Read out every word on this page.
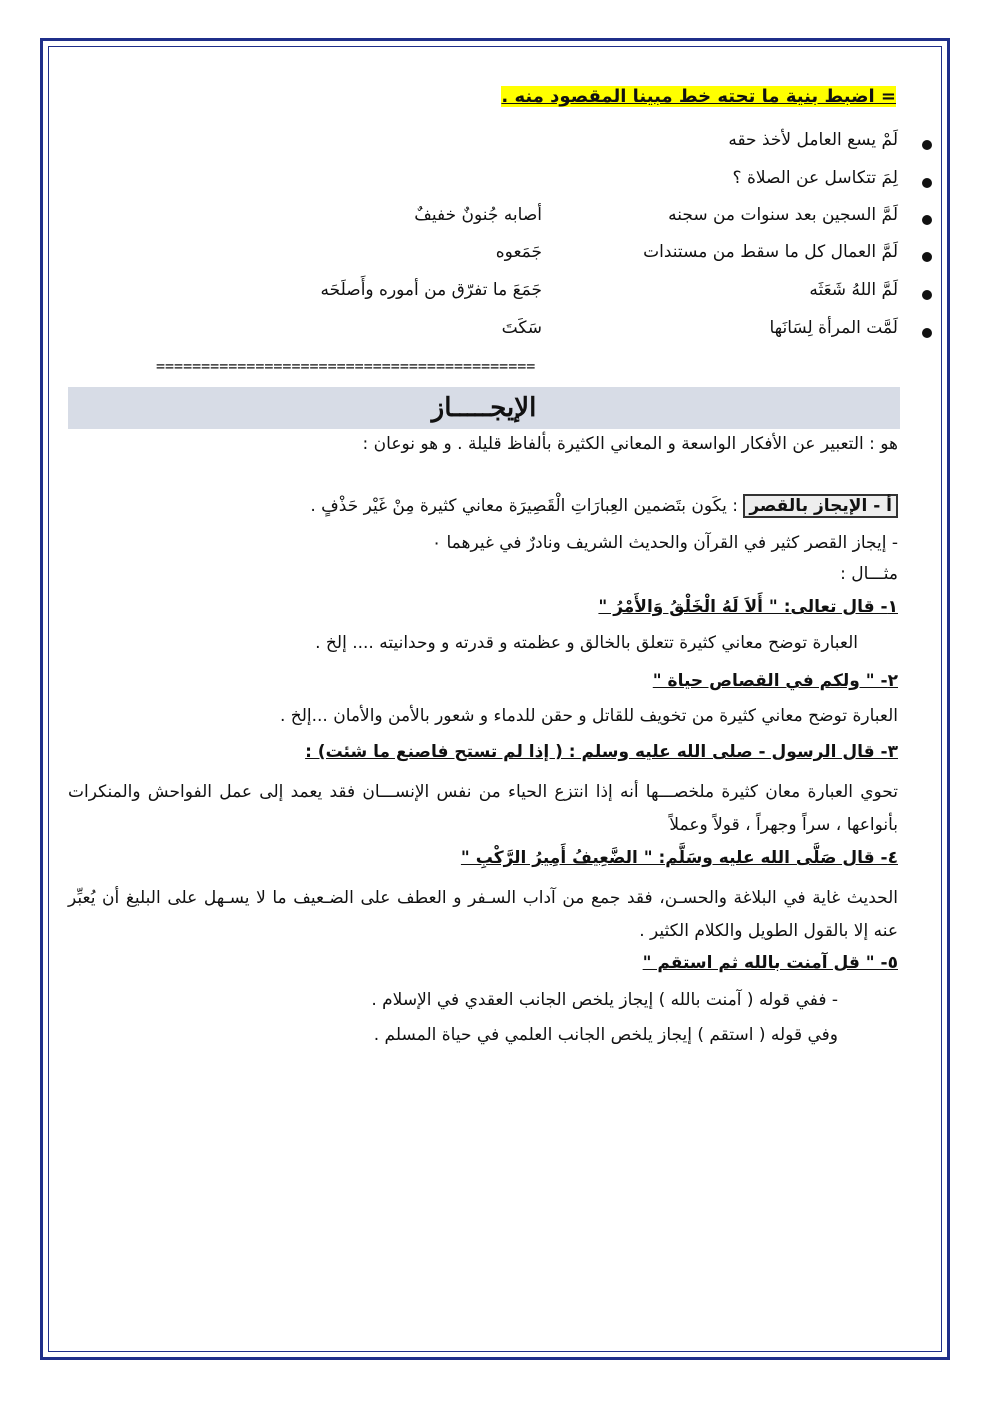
= اضبط بنية ما تحته خط مبينا المقصود منه .
لَمْ يسع العامل لأخذ حقه
لِمَ تتكاسل عن الصلاة ؟
لَمَّ السجين بعد سنوات من سجنه
أصابه جُنونٌ خفيفٌ
لَمَّ العمال كل ما سقط من مستندات
جَمَعوه
لَمَّ اللهُ شَعَثَه
جَمَعَ ما تفرّق من أموره وأَصلَحَه
لَمَّت المرأة لِسَانَها
سَكَتَ
==========================================
الإيجـــــاز
هو : التعبير عن الأفكار الواسعة و المعاني الكثيرة بألفاظ قليلة . و هو نوعان :
أ - الإيجاز بالقصر : يكَون بتَضمين العِبارَاتِ الْقَصِيرَة معاني كثيرة مِنْ غَيْر حَذْفٍ .
- إيجاز القصر كثير في القرآن والحديث الشريف ونادرٌ في غيرهما ٠
مثـــال :
١- قال تعالى: " أَلاَ لَهُ الْخَلْقُ وَالأَمْرُ "
العبارة توضح معاني كثيرة تتعلق بالخالق و عظمته و قدرته و وحدانيته .... إلخ .
٢- " ولكم في القصاص حياة "
العبارة توضح معاني كثيرة من تخويف للقاتل و حقن للدماء و شعور بالأمن والأمان ...إلخ .
٣- قال الرسول - صلى الله عليه وسلم : ( إذا لم تستح فاصنع ما شئت) :
تحوي العبارة معان كثيرة ملخصـــها أنه إذا انتزع الحياء من نفس الإنســـان فقد يعمد إلى عمل الفواحش والمنكرات بأنواعها ، سراً وجهراً ، قولاً وعملاً
٤- قال صَلَّى الله عليه وسَلَّم: " الضَّعِيفُ أَمِيرُ الرَّكْبِ "
الحديث غاية في البلاغة والحسـن، فقد جمع من آداب السـفر و العطف على الضـعيف ما لا يسـهل على البليغ أن يُعبِّر عنه إلا بالقول الطويل والكلام الكثير .
٥- " قل آمنت بالله ثم استقم "
- ففي قوله ( آمنت بالله ) إيجاز يلخص الجانب العقدي في الإسلام .
وفي قوله ( استقم ) إيجاز يلخص الجانب العلمي في حياة المسلم .
